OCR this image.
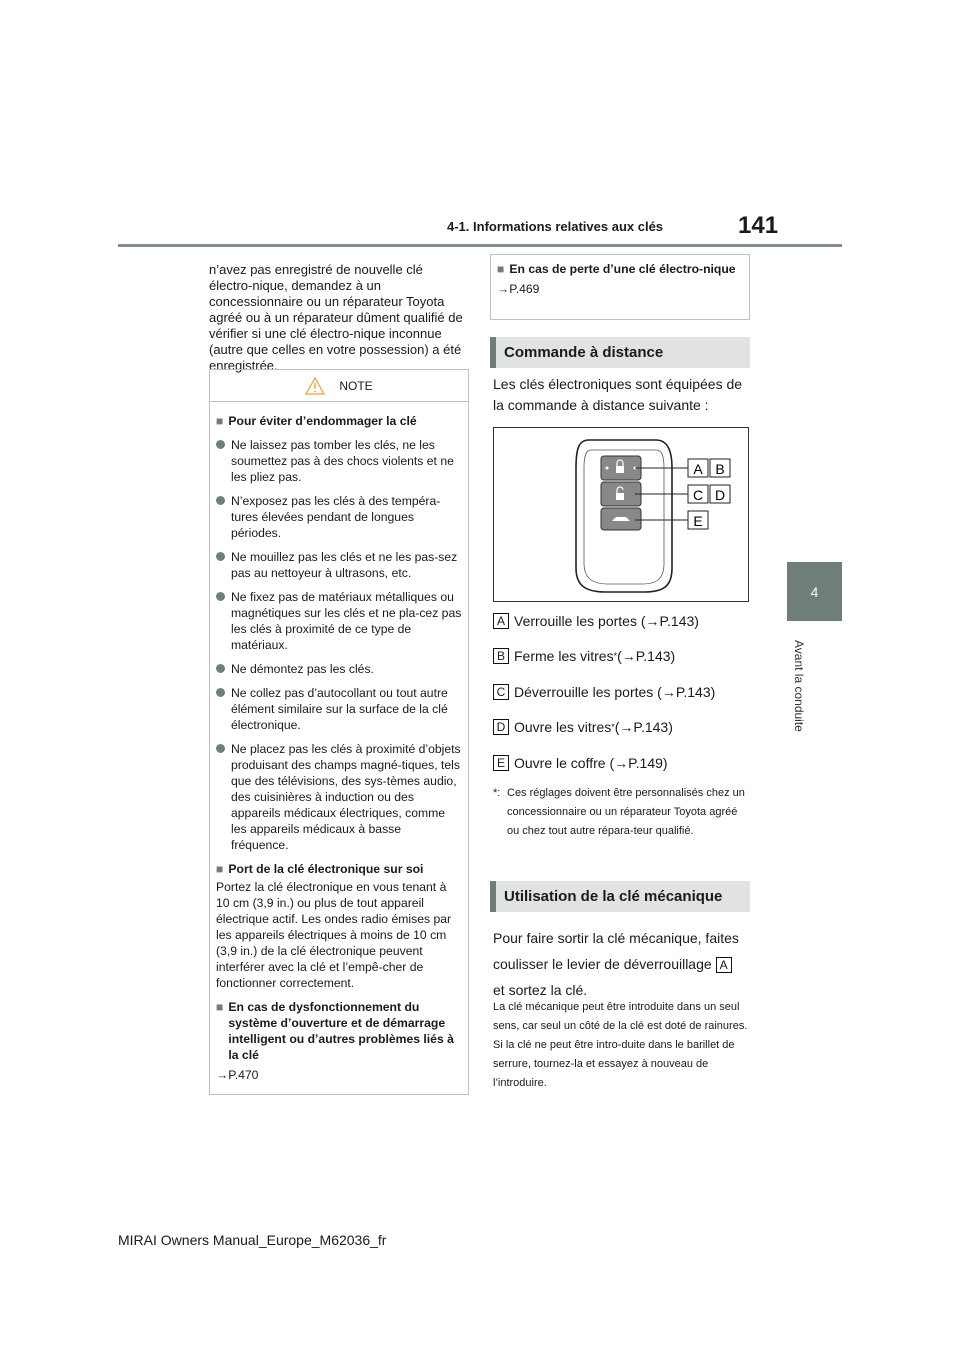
4-1. Informations relatives aux clés	141
4
Avant la conduite

n’avez pas enregistré de nouvelle clé électro-nique, demandez à un concessionnaire ou un réparateur Toyota agréé ou à un réparateur dûment qualifié de vérifier si une clé électro-nique inconnue (autre que celles en votre possession) a été enregistrée.

NOTE
■ Pour éviter d’endommager la clé
Ne laissez pas tomber les clés, ne les soumettez pas à des chocs violents et ne les pliez pas.
N’exposez pas les clés à des tempéra-tures élevées pendant de longues périodes.
Ne mouillez pas les clés et ne les pas-sez pas au nettoyeur à ultrasons, etc.
Ne fixez pas de matériaux métalliques ou magnétiques sur les clés et ne pla-cez pas les clés à proximité de ce type de matériaux.
Ne démontez pas les clés.
Ne collez pas d’autocollant ou tout autre élément similaire sur la surface de la clé électronique.
Ne placez pas les clés à proximité d’objets produisant des champs magné-tiques, tels que des télévisions, des sys-tèmes audio, des cuisinières à induction ou des appareils médicaux électriques, comme les appareils médicaux à basse fréquence.
■ Port de la clé électronique sur soi

Portez la clé électronique en vous tenant à 10 cm (3,9 in.) ou plus de tout appareil électrique actif. Les ondes radio émises par les appareils électriques à moins de 10 cm (3,9 in.) de la clé électronique peuvent interférer avec la clé et l’empê-cher de fonctionner correctement.

■ En cas de dysfonctionnement du système d’ouverture et de démarrage intelligent ou d’autres problèmes liés à la clé

→P.470

■ En cas de perte d’une clé électro-nique

→P.469

Commande à distance

Les clés électroniques sont équipées de la commande à distance suivante :

A B
C D
E
A Verrouille les portes (→P.143)
B Ferme les vitres * (→P.143)
C Déverrouille les portes (→P.143)
D Ouvre les vitres * (→P.143)
E Ouvre le coffre (→P.149)
*: Ces réglages doivent être personnalisés chez un concessionnaire ou un réparateur Toyota agréé ou chez tout autre répara-teur qualifié.
Utilisation de la clé mécanique

Pour faire sortir la clé mécanique, faites coulisser le levier de déverrouillage A
et sortez la clé.

La clé mécanique peut être introduite dans un seul sens, car seul un côté de la clé est doté de rainures. Si la clé ne peut être intro-duite dans le barillet de serrure, tournez-la et essayez à nouveau de l’introduire.

MIRAI Owners Manual_Europe_M62036_fr
